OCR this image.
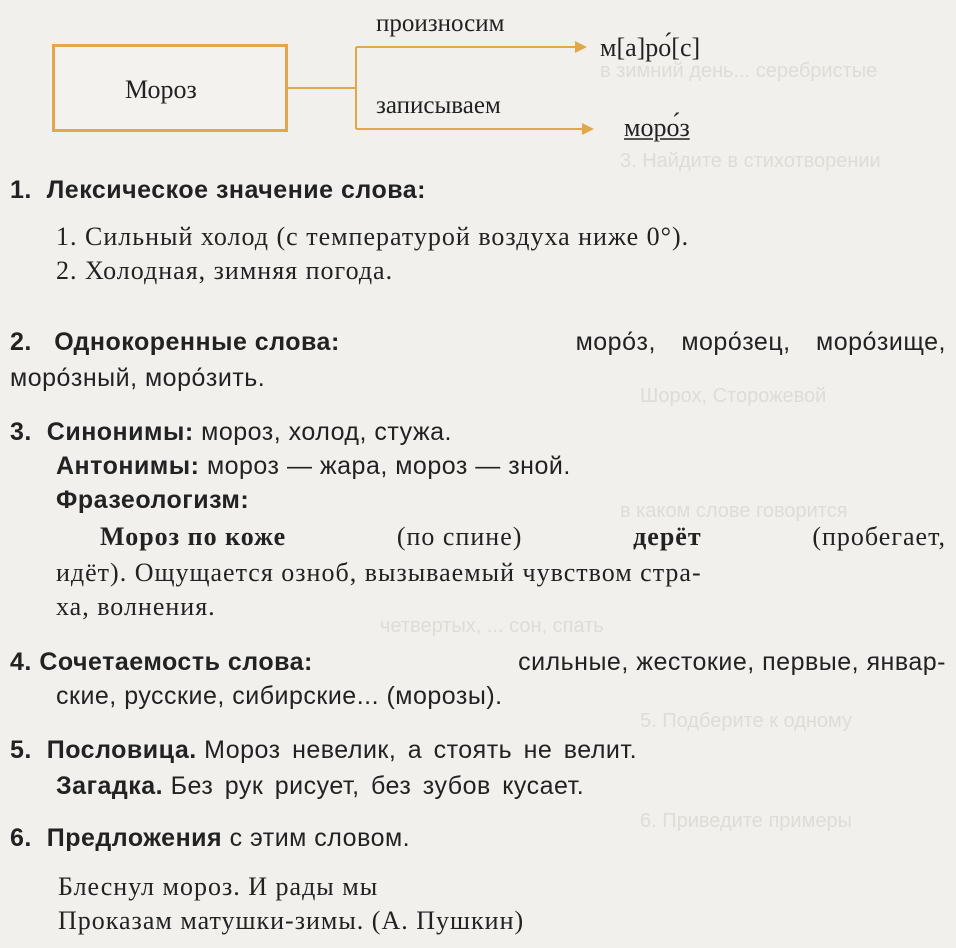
в зимний день... серебристые
3. Найдите в стихотворении
Шорох, Сторожевой
в каком слове говорится
четвертых, ... сон, спать
5. Подберите к одному
6. Приведите примеры
Мороз
произносим
м[а]ро́[с]
записываем
моро́з
1. Лексическое значение слова:
1. Сильный холод (с температурой воздуха ниже 0°).
2. Холодная, зимняя погода.
2. Однокоренные слова:	моро́з, моро́зец, моро́зище,
моро́зный, моро́зить.
3. Синонимы: мороз, холод, стужа.
Антонимы: мороз — жара, мороз — зной.
Фразеологизм:
Мороз по коже	(по спине)	дерёт	(пробегает,
идёт). Ощущается озноб, вызываемый чувством стра-
ха, волнения.
4. Сочетаемость слова:	сильные, жестокие, первые, январ-
ские, русские, сибирские... (морозы).
5. Пословица. Мороз невелик, а стоять не велит.
Загадка. Без рук рисует, без зубов кусает.
6. Предложения с этим словом.
Блеснул мороз. И рады мы
Проказам матушки-зимы. (А. Пушкин)
